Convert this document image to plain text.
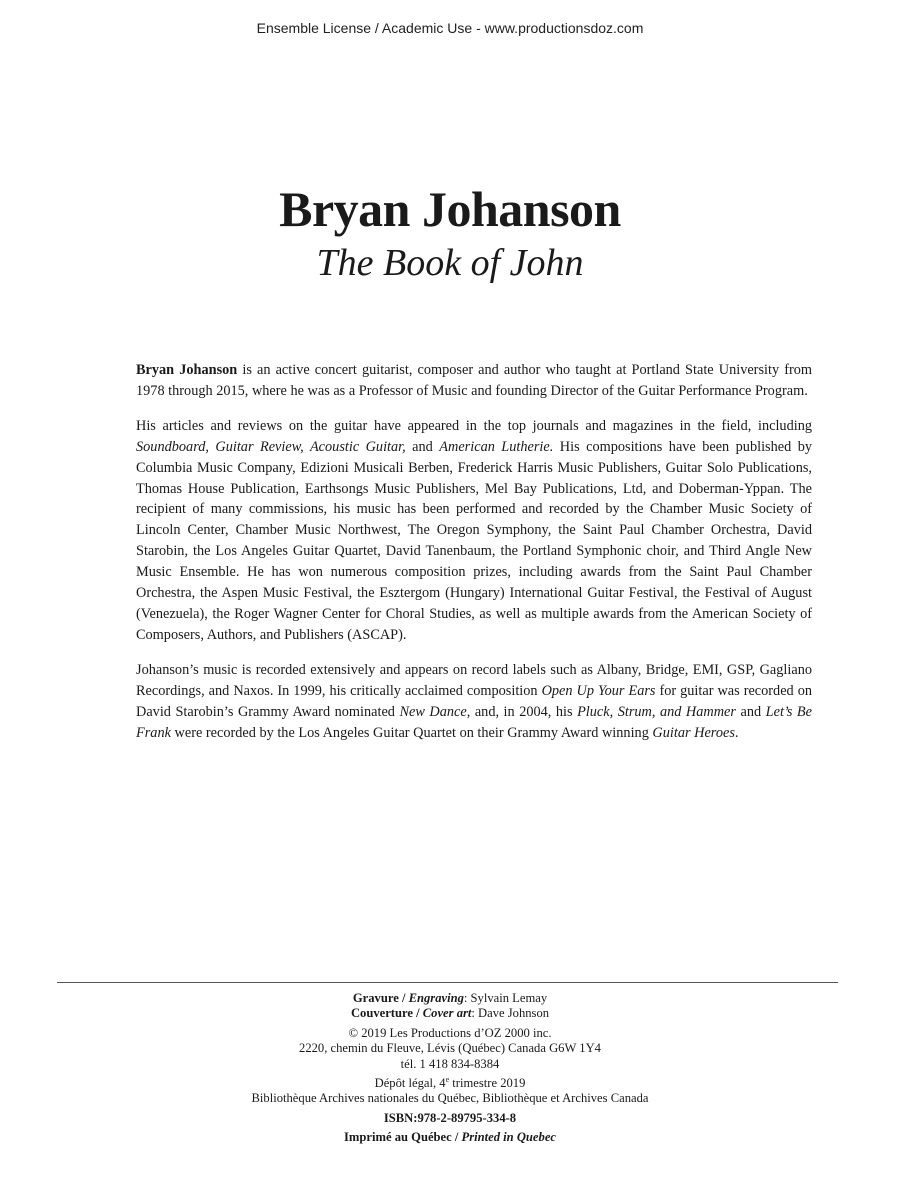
Ensemble License / Academic Use - www.productionsdoz.com
Bryan Johanson
The Book of John

Bryan Johanson is an active concert guitarist, composer and author who taught at Portland State University from 1978 through 2015, where he was as a Professor of Music and founding Director of the Guitar Performance Program.

His articles and reviews on the guitar have appeared in the top journals and magazines in the field, including Soundboard, Guitar Review, Acoustic Guitar, and American Lutherie. His compositions have been published by Columbia Music Company, Edizioni Musicali Berben, Frederick Harris Music Publishers, Guitar Solo Publications, Thomas House Publication, Earthsongs Music Publishers, Mel Bay Publications, Ltd, and Doberman-Yppan. The recipient of many commissions, his music has been performed and recorded by the Chamber Music Society of Lincoln Center, Chamber Music Northwest, The Oregon Symphony, the Saint Paul Chamber Orchestra, David Starobin, the Los Angeles Guitar Quartet, David Tanenbaum, the Portland Symphonic choir, and Third Angle New Music Ensemble. He has won numerous composition prizes, including awards from the Saint Paul Chamber Orchestra, the Aspen Music Festival, the Esztergom (Hungary) International Guitar Festival, the Festival of August (Venezuela), the Roger Wagner Center for Choral Studies, as well as multiple awards from the American Society of Composers, Authors, and Publishers (ASCAP).

Johanson’s music is recorded extensively and appears on record labels such as Albany, Bridge, EMI, GSP, Gagliano Recordings, and Naxos. In 1999, his critically acclaimed composition Open Up Your Ears for guitar was recorded on David Starobin’s Grammy Award nominated New Dance, and, in 2004, his Pluck, Strum, and Hammer and Let’s Be Frank were recorded by the Los Angeles Guitar Quartet on their Grammy Award winning Guitar Heroes.

Gravure / Engraving: Sylvain Lemay
Couverture / Cover art: Dave Johnson
© 2019 Les Productions d’OZ 2000 inc.
2220, chemin du Fleuve, Lévis (Québec) Canada G6W 1Y4
tél. 1 418 834-8384
Dépôt légal, 4e trimestre 2019
Bibliothèque Archives nationales du Québec, Bibliothèque et Archives Canada
ISBN:978-2-89795-334-8
Imprimé au Québec / Printed in Quebec
